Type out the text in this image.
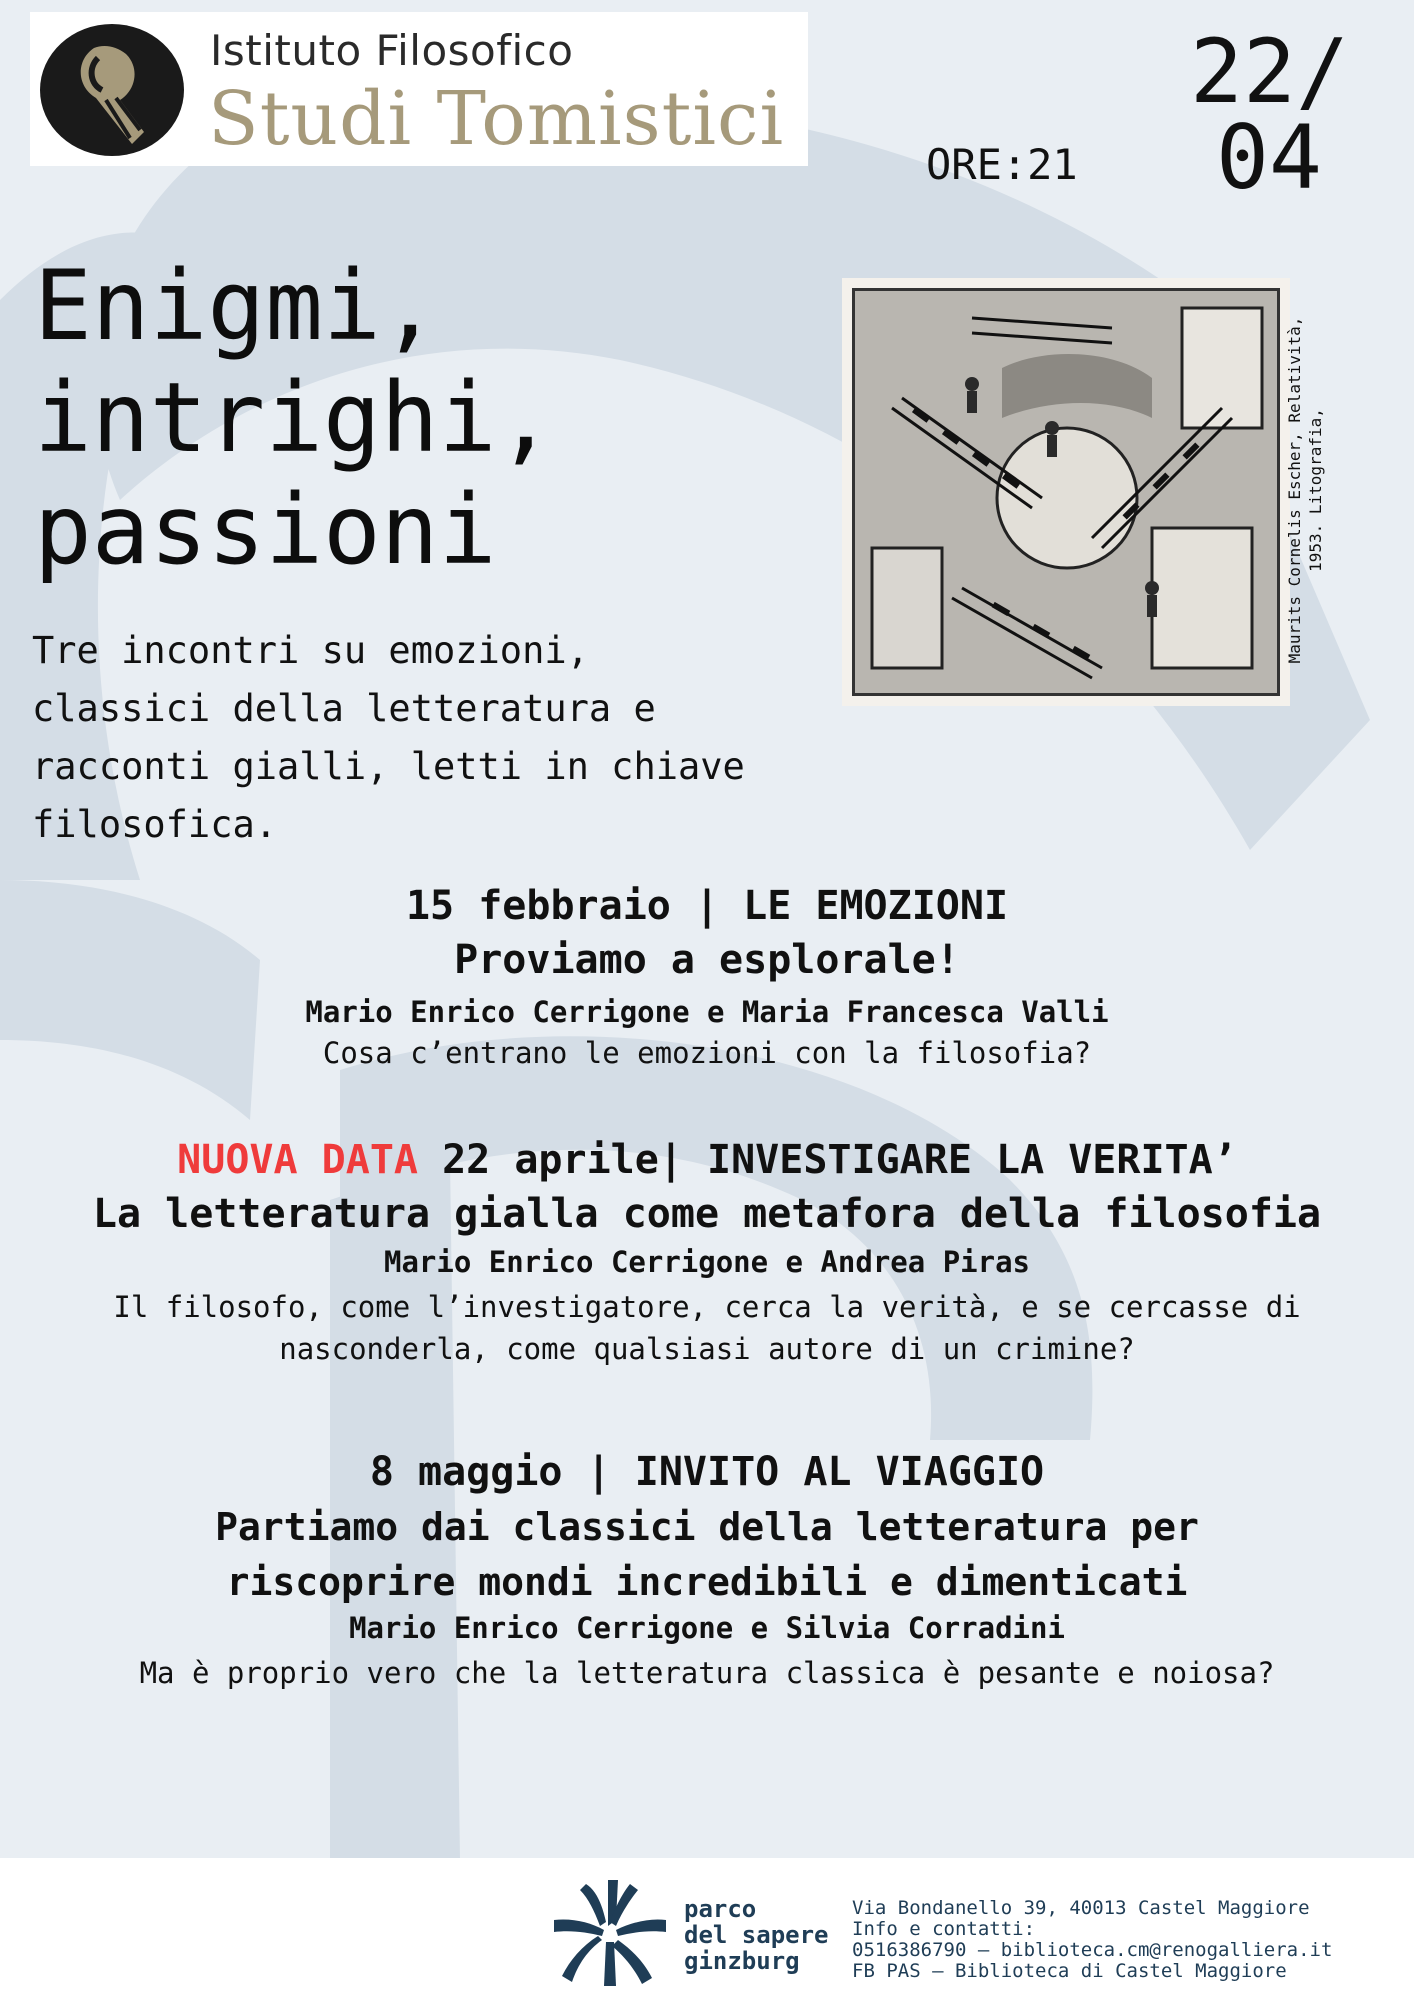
Istituto Filosofico
Studi Tomistici
ORE:21
22/
04
Enigmi,
intrighi,
passioni
Tre incontri su emozioni,
classici della letteratura e
racconti gialli, letti in chiave
filosofica.
Maurits Cornelis Escher, Relatività, 1953. Litografia,
15 febbraio | LE EMOZIONI
Proviamo a esplorale!
Mario Enrico Cerrigone e Maria Francesca Valli
Cosa c’entrano le emozioni con la filosofia?
NUOVA DATA 22 aprile| INVESTIGARE LA VERITA’
La letteratura gialla come metafora della filosofia
Mario Enrico Cerrigone e Andrea Piras
Il filosofo, come l’investigatore, cerca la verità, e se cercasse di
nasconderla, come qualsiasi autore di un crimine?
8 maggio | INVITO AL VIAGGIO
Partiamo dai classici della letteratura per
riscoprire mondi incredibili e dimenticati
Mario Enrico Cerrigone e Silvia Corradini
Ma è proprio vero che la letteratura classica è pesante e noiosa?
parco
del sapere
ginzburg
Via Bondanello 39, 40013 Castel Maggiore
Info e contatti:
0516386790 – biblioteca.cm@renogalliera.it
FB PAS – Biblioteca di Castel Maggiore
